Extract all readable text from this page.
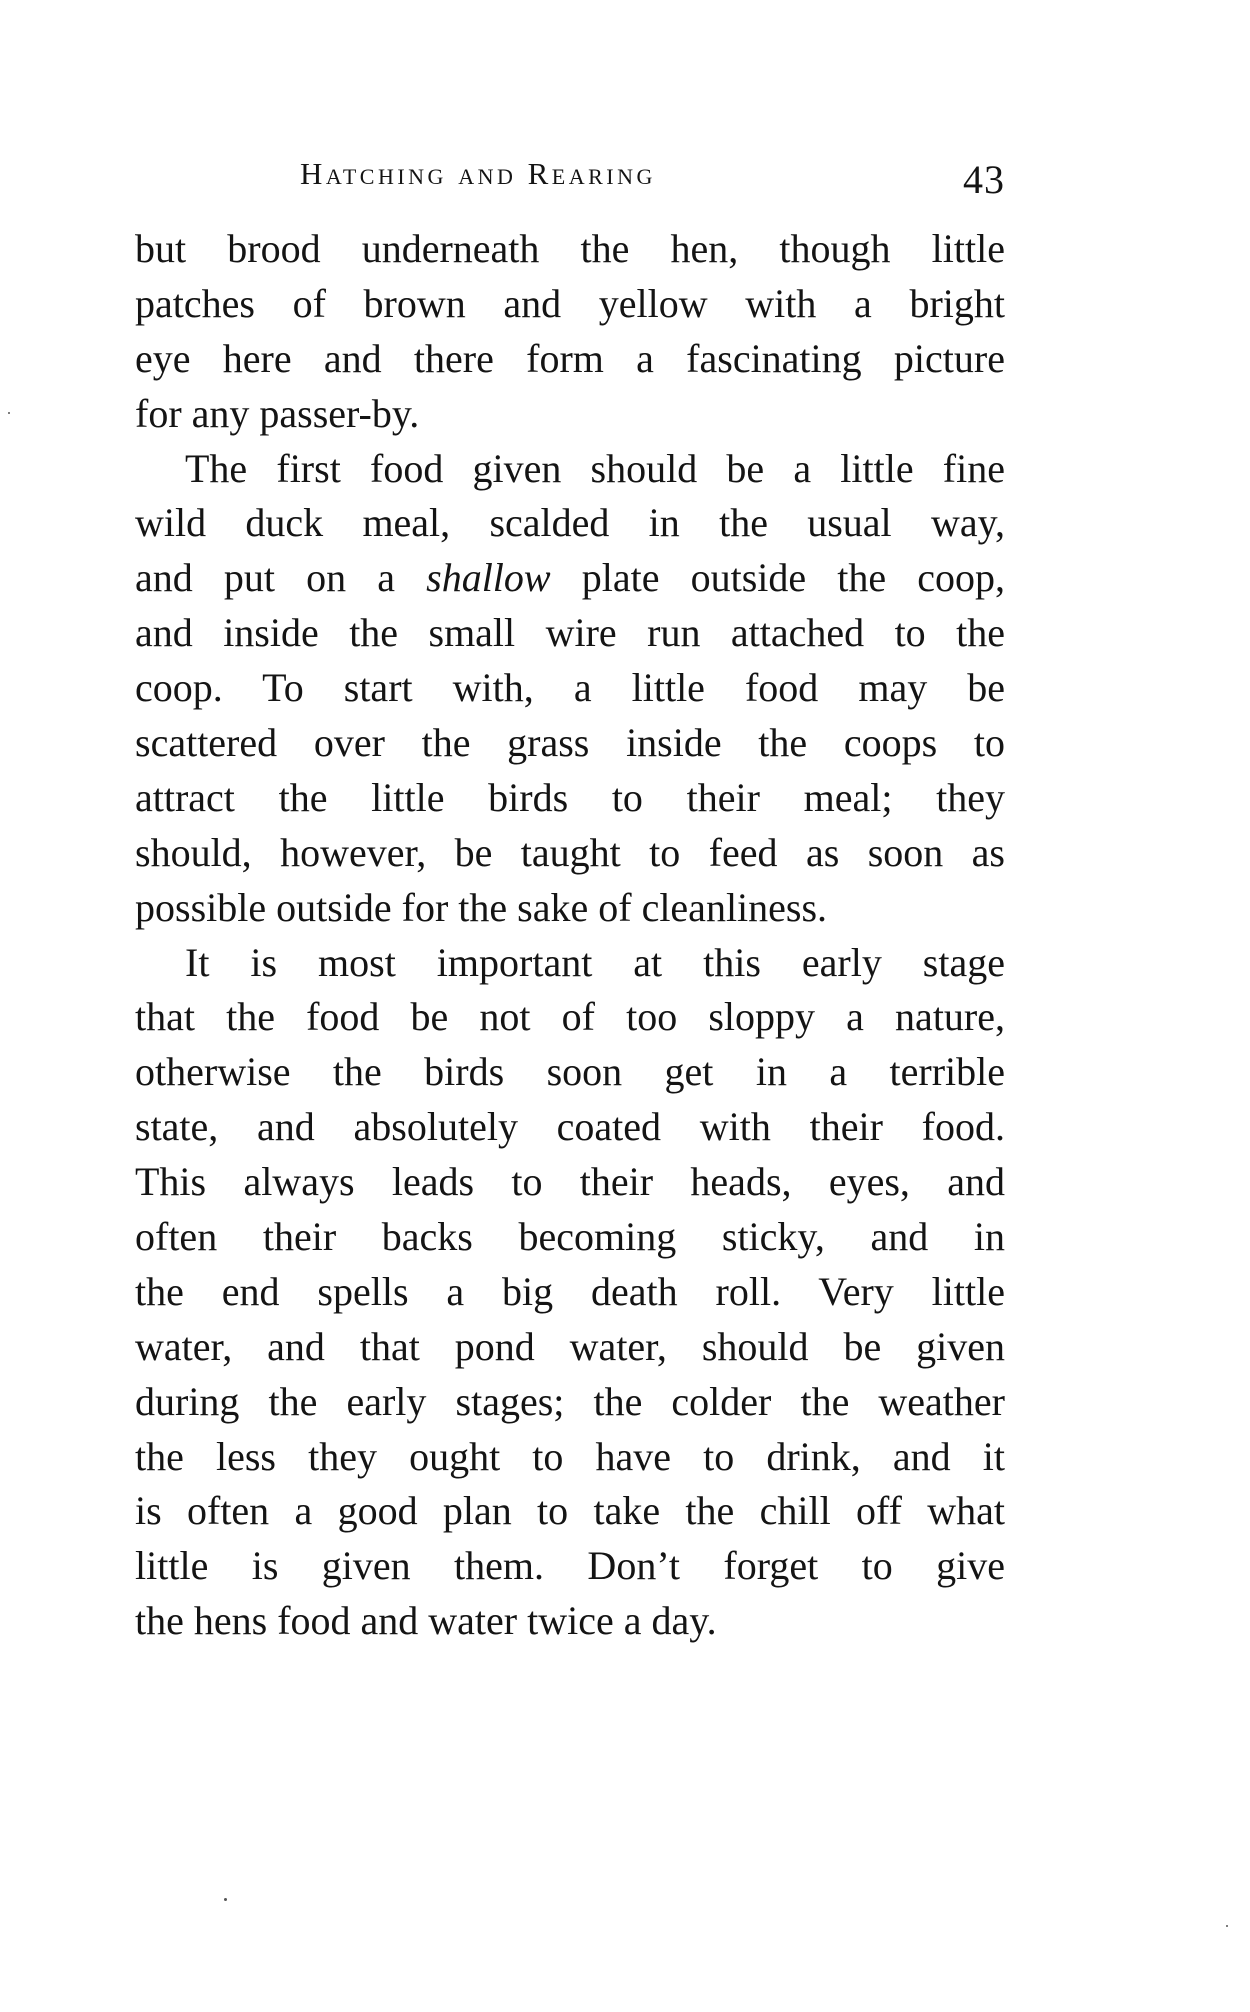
Hatching and Rearing	43
but brood underneath the hen, though little
patches of brown and yellow with a bright
eye here and there form a fascinating picture
for any passer-by.
The first food given should be a little fine
wild duck meal, scalded in the usual way,
and put on a shallow plate outside the coop,
and inside the small wire run attached to the
coop. To start with, a little food may be
scattered over the grass inside the coops to
attract the little birds to their meal; they
should, however, be taught to feed as soon as
possible outside for the sake of cleanliness.
It is most important at this early stage
that the food be not of too sloppy a nature,
otherwise the birds soon get in a terrible
state, and absolutely coated with their food.
This always leads to their heads, eyes, and
often their backs becoming sticky, and in
the end spells a big death roll. Very little
water, and that pond water, should be given
during the early stages; the colder the weather
the less they ought to have to drink, and it
is often a good plan to take the chill off what
little is given them. Don’t forget to give
the hens food and water twice a day.
